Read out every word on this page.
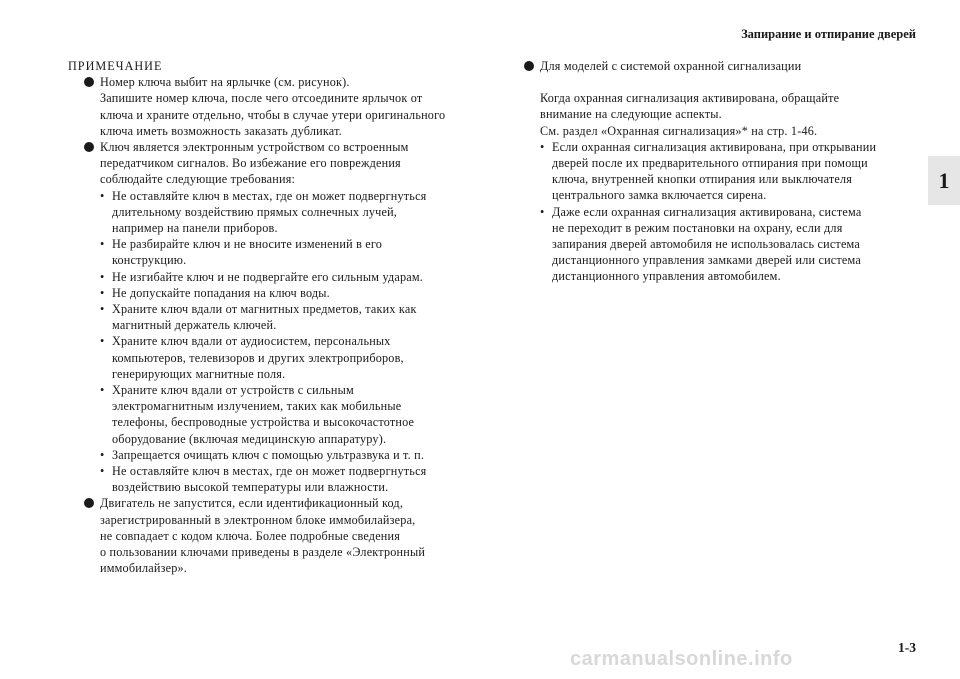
Запирание и отпирание дверей
1
ПРИМЕЧАНИЕ
Номер ключа выбит на ярлычке (см. рисунок).
Запишите номер ключа, после чего отсоедините ярлычок от
ключа и храните отдельно, чтобы в случае утери оригинального
ключа иметь возможность заказать дубликат.
Ключ является электронным устройством со встроенным
передатчиком сигналов. Во избежание его повреждения
соблюдайте следующие требования:
• Не оставляйте ключ в местах, где он может подвергнуться
длительному воздействию прямых солнечных лучей,
например на панели приборов.
• Не разбирайте ключ и не вносите изменений в его
конструкцию.
• Не изгибайте ключ и не подвергайте его сильным ударам.
• Не допускайте попадания на ключ воды.
• Храните ключ вдали от магнитных предметов, таких как
магнитный держатель ключей.
• Храните ключ вдали от аудиосистем, персональных
компьютеров, телевизоров и других электроприборов,
генерирующих магнитные поля.
• Храните ключ вдали от устройств с сильным
электромагнитным излучением, таких как мобильные
телефоны, беспроводные устройства и высокочастотное
оборудование (включая медицинскую аппаратуру).
• Запрещается очищать ключ с помощью ультразвука и т. п.
• Не оставляйте ключ в местах, где он может подвергнуться
воздействию высокой температуры или влажности.
Двигатель не запустится, если идентификационный код,
зарегистрированный в электронном блоке иммобилайзера,
не совпадает с кодом ключа. Более подробные сведения
о пользовании ключами приведены в разделе «Электронный
иммобилайзер».
Для моделей с системой охранной сигнализации
Когда охранная сигнализация активирована, обращайте
внимание на следующие аспекты.
См. раздел «Охранная сигнализация»* на стр. 1-46.
• Если охранная сигнализация активирована, при открывании
дверей после их предварительного отпирания при помощи
ключа, внутренней кнопки отпирания или выключателя
центрального замка включается сирена.
• Даже если охранная сигнализация активирована, система
не переходит в режим постановки на охрану, если для
запирания дверей автомобиля не использовалась система
дистанционного управления замками дверей или система
дистанционного управления автомобилем.
1-3
carmanualsonline.info
